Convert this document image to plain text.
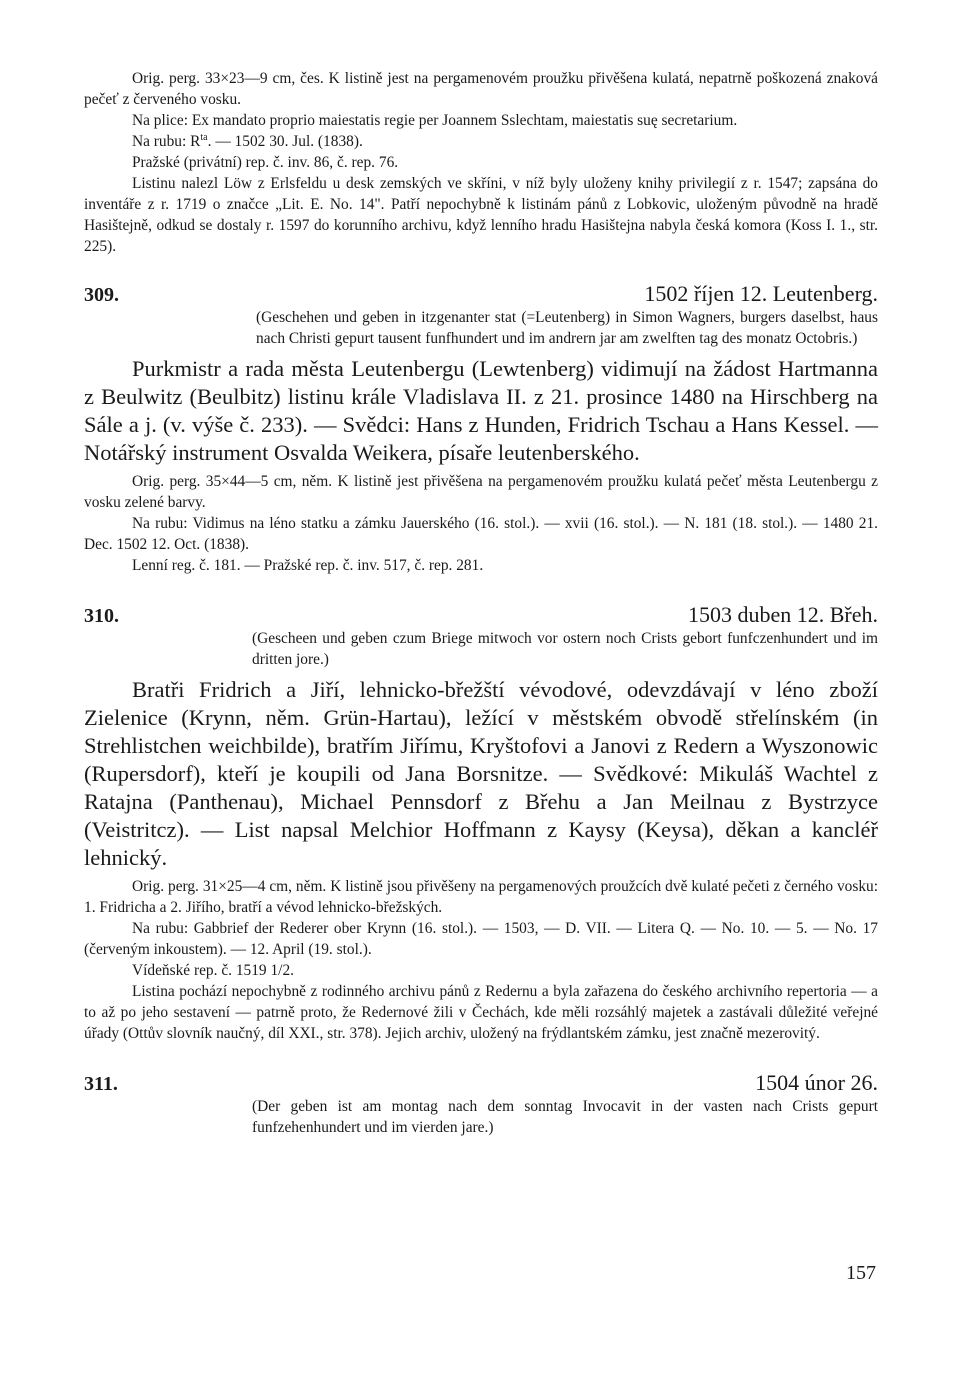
Orig. perg. 33×23—9 cm, čes. K listině jest na pergamenovém proužku přivěšena kulatá, nepatrně poškozená znaková pečeť z červeného vosku.

Na plice: Ex mandato proprio maiestatis regie per Joannem Sslechtam, maiestatis suę secretarium.

Na rubu: $R^{ta}$. — 1502 30. Jul. (1838).

Pražské (privátní) rep. č. inv. 86, č. rep. 76.

Listinu nalezl Löw z Erlsfeldu u desk zemských ve skříni, v níž byly uloženy knihy privilegií z r. 1547; zapsána do inventáře z r. 1719 o značce „Lit. E. No. 14". Patří nepochybně k listinám pánů z Lobkovic, uloženým původně na hradě Hasištejně, odkud se dostaly r. 1597 do korunního archivu, když lenního hradu Hasištejna nabyla česká komora (Koss I. 1., str. 225).

309.	1502 říjen 12. Leutenberg.

(Geschehen und geben in itzgenanter stat (=Leutenberg) in Simon Wagners, burgers daselbst, haus nach Christi gepurt tausent funfhundert und im andrern jar am zwelften tag des monatz Octobris.)

Purkmistr a rada města Leutenbergu (Lewtenberg) vidimují na žádost Hartmanna z Beulwitz (Beulbitz) listinu krále Vladislava II. z 21. prosince 1480 na Hirschberg na Sále a j. (v. výše č. 233). — Svědci: Hans z Hunden, Fridrich Tschau a Hans Kessel. — Notářský instrument Osvalda Weikera, písaře leutenberského.

Orig. perg. 35×44—5 cm, něm. K listině jest přivěšena na pergamenovém proužku kulatá pečeť města Leutenbergu z vosku zelené barvy.

Na rubu: Vidimus na léno statku a zámku Jauerského (16. stol.). — xvii (16. stol.). — N. 181 (18. stol.). — 1480 21. Dec. 1502 12. Oct. (1838).

Lenní reg. č. 181. — Pražské rep. č. inv. 517, č. rep. 281.

310.	1503 duben 12. Břeh.

(Gescheen und geben czum Briege mitwoch vor ostern noch Crists gebort funfczenhundert und im dritten jore.)

Bratři Fridrich a Jiří, lehnicko-břežští vévodové, odevzdávají v léno zboží Zielenice (Krynn, něm. Grün-Hartau), ležící v městském obvodě střelínském (in Strehlistchen weichbilde), bratřím Jiřímu, Kryštofovi a Janovi z Redern a Wyszonowic (Rupersdorf), kteří je koupili od Jana Borsnitze. — Svědkové: Mikuláš Wachtel z Ratajna (Panthenau), Michael Pennsdorf z Břehu a Jan Meilnau z Bystrzyce (Veistritcz). — List napsal Melchior Hoffmann z Kaysy (Keysa), děkan a kancléř lehnický.

Orig. perg. 31×25—4 cm, něm. K listině jsou přivěšeny na pergamenových proužcích dvě kulaté pečeti z černého vosku: 1. Fridricha a 2. Jiřího, bratří a vévod lehnicko-břežských.

Na rubu: Gabbrief der Rederer ober Krynn (16. stol.). — 1503, — D. VII. — Litera Q. — No. 10. — 5. — No. 17 (červeným inkoustem). — 12. April (19. stol.).

Vídeňské rep. č. 1519 1/2.

Listina pochází nepochybně z rodinného archivu pánů z Redernu a byla zařazena do českého archivního repertoria — a to až po jeho sestavení — patrně proto, že Redernové žili v Čechách, kde měli rozsáhlý majetek a zastávali důležité veřejné úřady (Ottův slovník naučný, díl XXI., str. 378). Jejich archiv, uložený na frýdlantském zámku, jest značně mezerovitý.

311.	1504 únor 26.

(Der geben ist am montag nach dem sonntag Invocavit in der vasten nach Crists gepurt funfzehenhundert und im vierden jare.)

157
